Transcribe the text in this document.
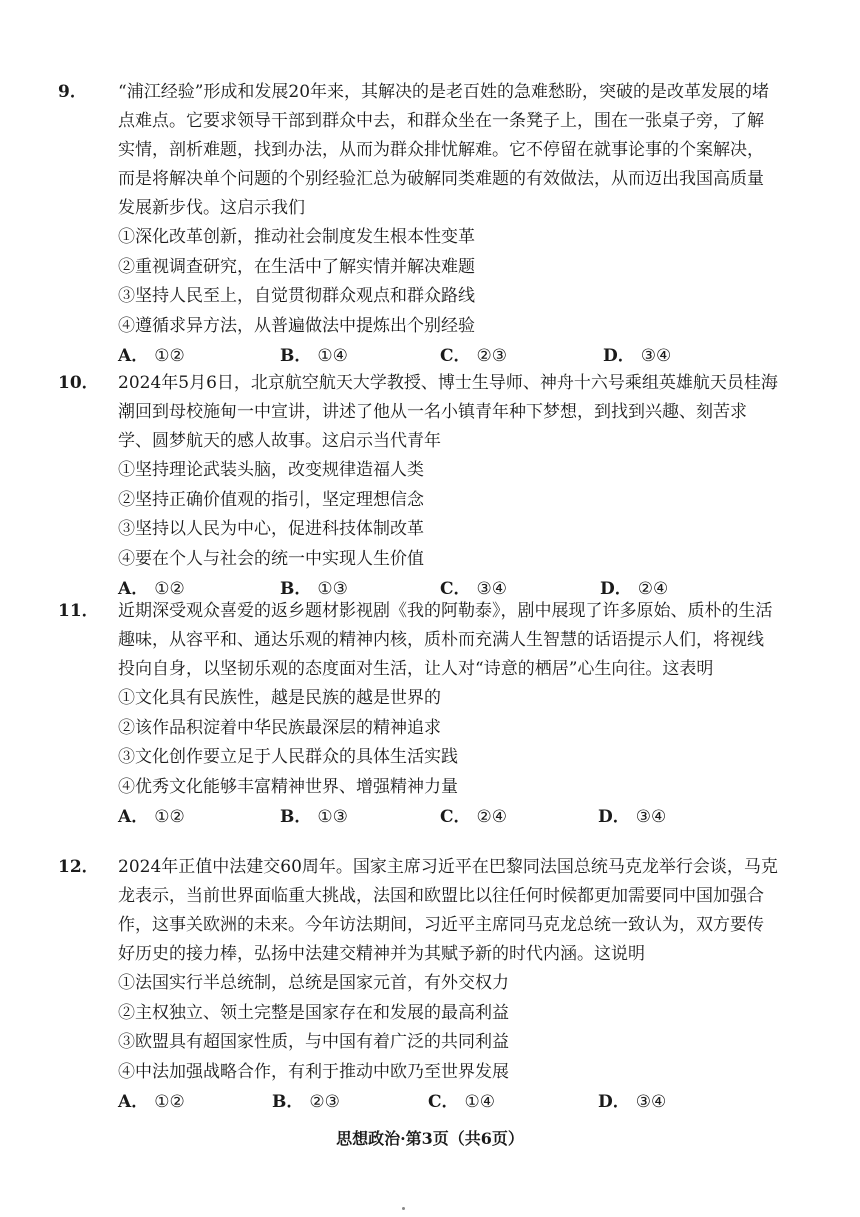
9． “浦江经验”形成和发展20年来，其解决的是老百姓的急难愁盼，突破的是改革发展的堵点难点。它要求领导干部到群众中去，和群众坐在一条凳子上，围在一张桌子旁，了解实情，剖析难题，找到办法，从而为群众排忧解难。它不停留在就事论事的个案解决，而是将解决单个问题的个别经验汇总为破解同类难题的有效做法，从而迈出我国高质量发展新步伐。这启示我们

①深化改革创新，推动社会制度发生根本性变革

②重视调查研究，在生活中了解实情并解决难题

③坚持人民至上，自觉贯彻群众观点和群众路线

④遵循求异方法，从普遍做法中提炼出个别经验

A． ①②	B． ①④	C． ②③	D． ③④

10． 2024年5月6日，北京航空航天大学教授、博士生导师、神舟十六号乘组英雄航天员桂海潮回到母校施甸一中宣讲，讲述了他从一名小镇青年种下梦想，到找到兴趣、刻苦求学、圆梦航天的感人故事。这启示当代青年

①坚持理论武装头脑，改变规律造福人类

②坚持正确价值观的指引，坚定理想信念

③坚持以人民为中心，促进科技体制改革

④要在个人与社会的统一中实现人生价值

A． ①②	B． ①③	C． ③④	D． ②④

11． 近期深受观众喜爱的返乡题材影视剧《我的阿勒泰》，剧中展现了许多原始、质朴的生活趣味，从容平和、通达乐观的精神内核，质朴而充满人生智慧的话语提示人们，将视线投向自身，以坚韧乐观的态度面对生活，让人对“诗意的栖居”心生向往。这表明

①文化具有民族性，越是民族的越是世界的

②该作品积淀着中华民族最深层的精神追求

③文化创作要立足于人民群众的具体生活实践

④优秀文化能够丰富精神世界、增强精神力量

A． ①②	B． ①③	C． ②④	D． ③④

12． 2024年正值中法建交60周年。国家主席习近平在巴黎同法国总统马克龙举行会谈，马克龙表示，当前世界面临重大挑战，法国和欧盟比以往任何时候都更加需要同中国加强合作，这事关欧洲的未来。今年访法期间，习近平主席同马克龙总统一致认为，双方要传好历史的接力棒，弘扬中法建交精神并为其赋予新的时代内涵。这说明

①法国实行半总统制，总统是国家元首，有外交权力

②主权独立、领土完整是国家存在和发展的最高利益

③欧盟具有超国家性质，与中国有着广泛的共同利益

④中法加强战略合作，有利于推动中欧乃至世界发展

A． ①②	B． ②③	C． ①④	D． ③④
思想政治·第3页（共6页）
